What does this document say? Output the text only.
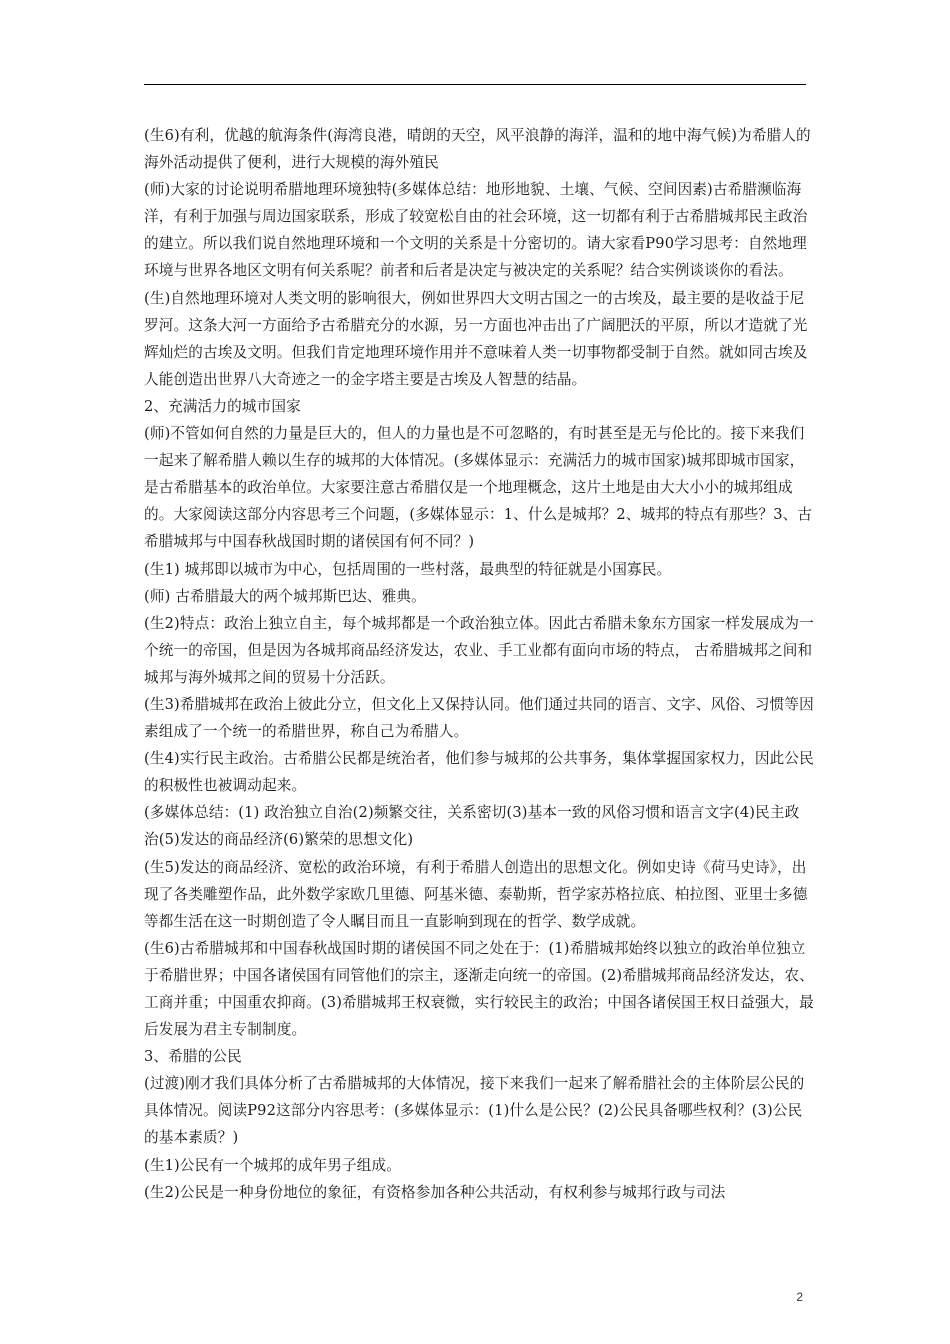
(生6)有利，优越的航海条件(海湾良港，晴朗的天空，风平浪静的海洋，温和的地中海气候)为希腊人的海外活动提供了便利，进行大规模的海外殖民

(师)大家的讨论说明希腊地理环境独特(多媒体总结：地形地貌、土壤、气候、空间因素)古希腊濒临海洋，有利于加强与周边国家联系，形成了较宽松自由的社会环境，这一切都有利于古希腊城邦民主政治的建立。所以我们说自然地理环境和一个文明的关系是十分密切的。请大家看P90学习思考：自然地理环境与世界各地区文明有何关系呢？前者和后者是决定与被决定的关系呢？结合实例谈谈你的看法。

(生)自然地理环境对人类文明的影响很大，例如世界四大文明古国之一的古埃及，最主要的是收益于尼罗河。这条大河一方面给予古希腊充分的水源，另一方面也冲击出了广阔肥沃的平原，所以才造就了光辉灿烂的古埃及文明。但我们肯定地理环境作用并不意味着人类一切事物都受制于自然。就如同古埃及人能创造出世界八大奇迹之一的金字塔主要是古埃及人智慧的结晶。

2、充满活力的城市国家

(师)不管如何自然的力量是巨大的，但人的力量也是不可忽略的，有时甚至是无与伦比的。接下来我们一起来了解希腊人赖以生存的城邦的大体情况。(多媒体显示：充满活力的城市国家)城邦即城市国家，是古希腊基本的政治单位。大家要注意古希腊仅是一个地理概念，这片土地是由大大小小的城邦组成的。大家阅读这部分内容思考三个问题，(多媒体显示：1、什么是城邦？2、城邦的特点有那些？3、古希腊城邦与中国春秋战国时期的诸侯国有何不同？)

(生1) 城邦即以城市为中心，包括周围的一些村落，最典型的特征就是小国寡民。

(师) 古希腊最大的两个城邦斯巴达、雅典。

(生2)特点：政治上独立自主，每个城邦都是一个政治独立体。因此古希腊未象东方国家一样发展成为一个统一的帝国，但是因为各城邦商品经济发达，农业、手工业都有面向市场的特点， 古希腊城邦之间和城邦与海外城邦之间的贸易十分活跃。

(生3)希腊城邦在政治上彼此分立，但文化上又保持认同。他们通过共同的语言、文字、风俗、习惯等因素组成了一个统一的希腊世界，称自己为希腊人。

(生4)实行民主政治。古希腊公民都是统治者，他们参与城邦的公共事务，集体掌握国家权力，因此公民的积极性也被调动起来。

(多媒体总结：(1) 政治独立自治(2)频繁交往，关系密切(3)基本一致的风俗习惯和语言文字(4)民主政治(5)发达的商品经济(6)繁荣的思想文化)

(生5)发达的商品经济、宽松的政治环境，有利于希腊人创造出的思想文化。例如史诗《荷马史诗》，出现了各类雕塑作品，此外数学家欧几里德、阿基米德、泰勒斯，哲学家苏格拉底、柏拉图、亚里士多德等都生活在这一时期创造了令人瞩目而且一直影响到现在的哲学、数学成就。

(生6)古希腊城邦和中国春秋战国时期的诸侯国不同之处在于：(1)希腊城邦始终以独立的政治单位独立于希腊世界；中国各诸侯国有同管他们的宗主，逐渐走向统一的帝国。(2)希腊城邦商品经济发达，农、工商并重；中国重农抑商。(3)希腊城邦王权衰微，实行较民主的政治；中国各诸侯国王权日益强大，最后发展为君主专制制度。

3、希腊的公民

(过渡)刚才我们具体分析了古希腊城邦的大体情况，接下来我们一起来了解希腊社会的主体阶层公民的具体情况。阅读P92这部分内容思考：(多媒体显示：(1)什么是公民？(2)公民具备哪些权利？(3)公民的基本素质？)

(生1)公民有一个城邦的成年男子组成。

(生2)公民是一种身份地位的象征，有资格参加各种公共活动，有权利参与城邦行政与司法

2
